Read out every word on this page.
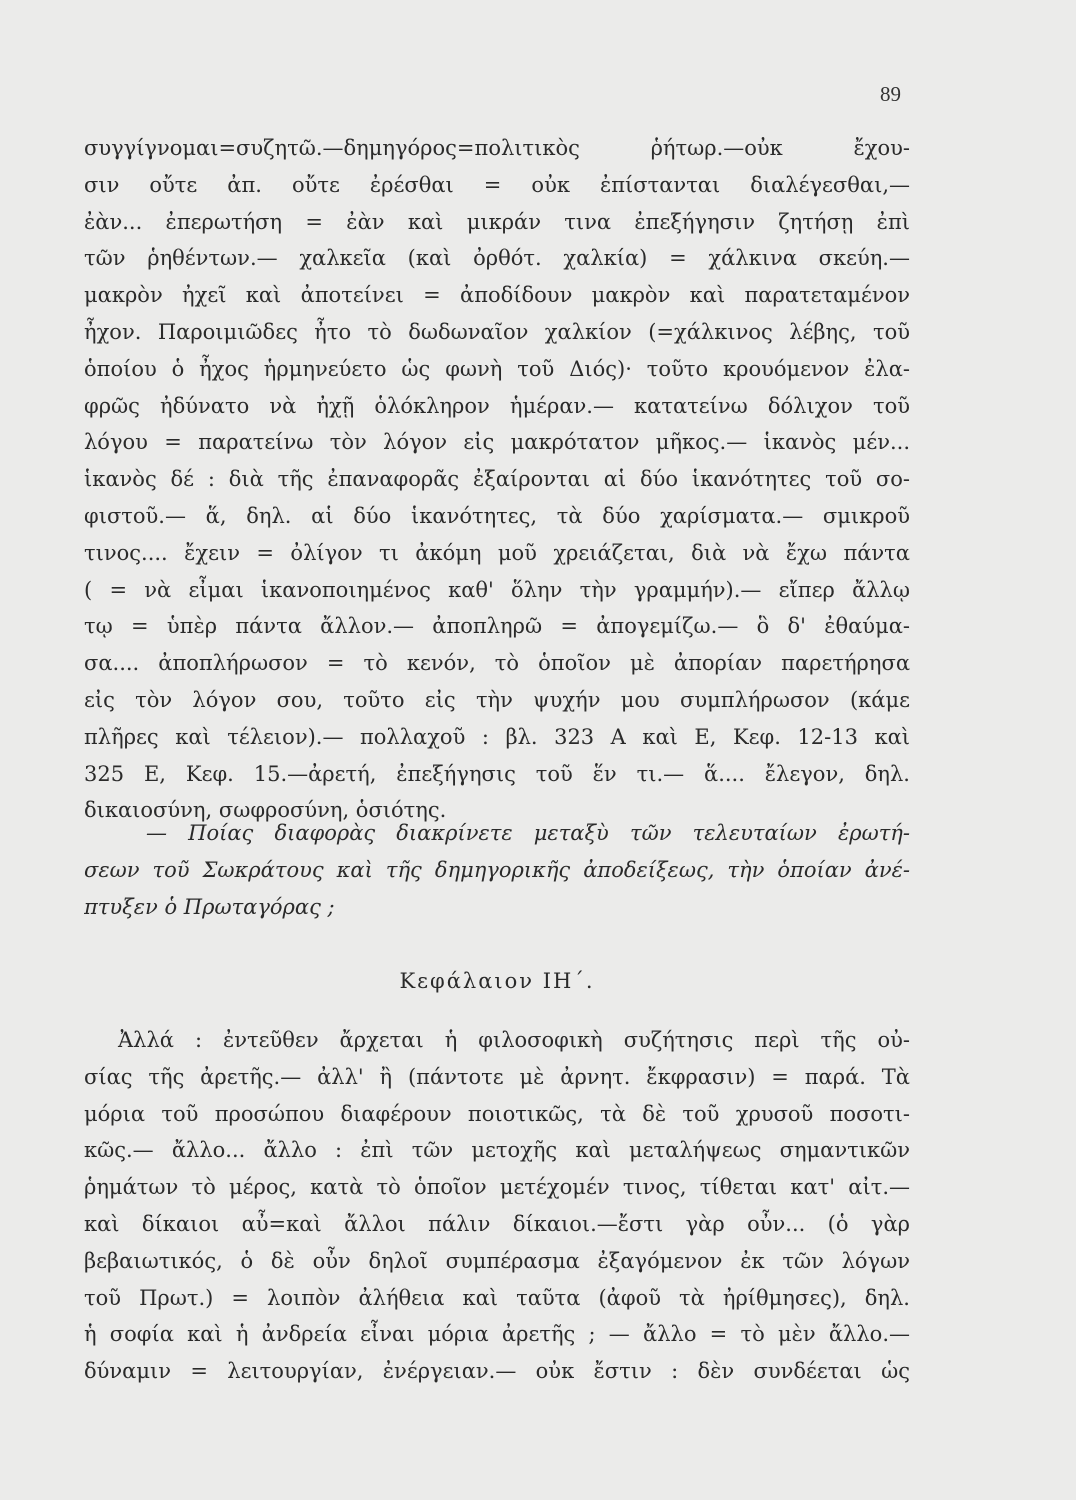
89
συγγίγνομαι=συζητῶ.—δημηγόρος=πολιτικὸς ῥήτωρ.—οὐκ ἔχου-
σιν οὔτε ἀπ. οὔτε ἐρέσθαι = οὐκ ἐπίστανται διαλέγεσθαι,—
ἐὰν... ἐπερωτήση = ἐὰν καὶ μικράν τινα ἐπεξήγησιν ζητήσῃ ἐπὶ
τῶν ῥηθέντων.— χαλκεῖα (καὶ ὀρθότ. χαλκία) = χάλκινα σκεύη.—
μακρὸν ἠχεῖ καὶ ἀποτείνει = ἀποδίδουν μακρὸν καὶ παρατεταμένον
ἦχον. Παροιμιῶδες ἦτο τὸ δωδωναῖον χαλκίον (=χάλκινος λέβης, τοῦ
ὁποίου ὁ ἦχος ἡρμηνεύετο ὡς φωνὴ τοῦ Διός)· τοῦτο κρουόμενον ἐλα-
φρῶς ἠδύνατο νὰ ἠχῇ ὁλόκληρον ἡμέραν.— κατατείνω δόλιχον τοῦ
λόγου = παρατείνω τὸν λόγον εἰς μακρότατον μῆκος.— ἱκανὸς μέν...
ἱκανὸς δέ : διὰ τῆς ἐπαναφορᾶς ἐξαίρονται αἱ δύο ἱκανότητες τοῦ σο-
φιστοῦ.— ἅ, δηλ. αἱ δύο ἱκανότητες, τὰ δύο χαρίσματα.— σμικροῦ
τινος.... ἔχειν = ὀλίγον τι ἀκόμη μοῦ χρειάζεται, διὰ νὰ ἔχω πάντα
( = νὰ εἶμαι ἱκανοποιημένος καθ' ὅλην τὴν γραμμήν).— εἴπερ ἄλλῳ
τῳ = ὑπὲρ πάντα ἄλλον.— ἀποπληρῶ = ἀπογεμίζω.— ὃ δ' ἐθαύμα-
σα.... ἀποπλήρωσον = τὸ κενόν, τὸ ὁποῖον μὲ ἀπορίαν παρετήρησα
εἰς τὸν λόγον σου, τοῦτο εἰς τὴν ψυχήν μου συμπλήρωσον (κάμε
πλῆρες καὶ τέλειον).— πολλαχοῦ : βλ. 323 Α καὶ Ε, Κεφ. 12-13 καὶ
325 Ε, Κεφ. 15.—ἀρετή, ἐπεξήγησις τοῦ ἕν τι.— ἅ.... ἔλεγον, δηλ.
δικαιοσύνη, σωφροσύνη, ὁσιότης.
— Ποίας διαφορὰς διακρίνετε μεταξὺ τῶν τελευταίων ἐρωτή-
σεων τοῦ Σωκράτους καὶ τῆς δημηγορικῆς ἀποδείξεως, τὴν ὁποίαν ἀνέ-
πτυξεν ὁ Πρωταγόρας ;
Κεφάλαιον ΙΗ΄.
Ἀλλά : ἐντεῦθεν ἄρχεται ἡ φιλοσοφικὴ συζήτησις περὶ τῆς οὐ-
σίας τῆς ἀρετῆς.— ἀλλ' ἢ (πάντοτε μὲ ἀρνητ. ἔκφρασιν) = παρά. Τὰ
μόρια τοῦ προσώπου διαφέρουν ποιοτικῶς, τὰ δὲ τοῦ χρυσοῦ ποσοτι-
κῶς.— ἄλλο... ἄλλο : ἐπὶ τῶν μετοχῆς καὶ μεταλήψεως σημαντικῶν
ῥημάτων τὸ μέρος, κατὰ τὸ ὁποῖον μετέχομέν τινος, τίθεται κατ' αἰτ.—
καὶ δίκαιοι αὖ=καὶ ἄλλοι πάλιν δίκαιοι.—ἔστι γὰρ οὖν... (ὁ γὰρ
βεβαιωτικός, ὁ δὲ οὖν δηλοῖ συμπέρασμα ἐξαγόμενον ἐκ τῶν λόγων
τοῦ Πρωτ.) = λοιπὸν ἀλήθεια καὶ ταῦτα (ἀφοῦ τὰ ἠρίθμησες), δηλ.
ἡ σοφία καὶ ἡ ἀνδρεία εἶναι μόρια ἀρετῆς ; — ἄλλο = τὸ μὲν ἄλλο.—
δύναμιν = λειτουργίαν, ἐνέργειαν.— οὐκ ἔστιν : δὲν συνδέεται ὡς
